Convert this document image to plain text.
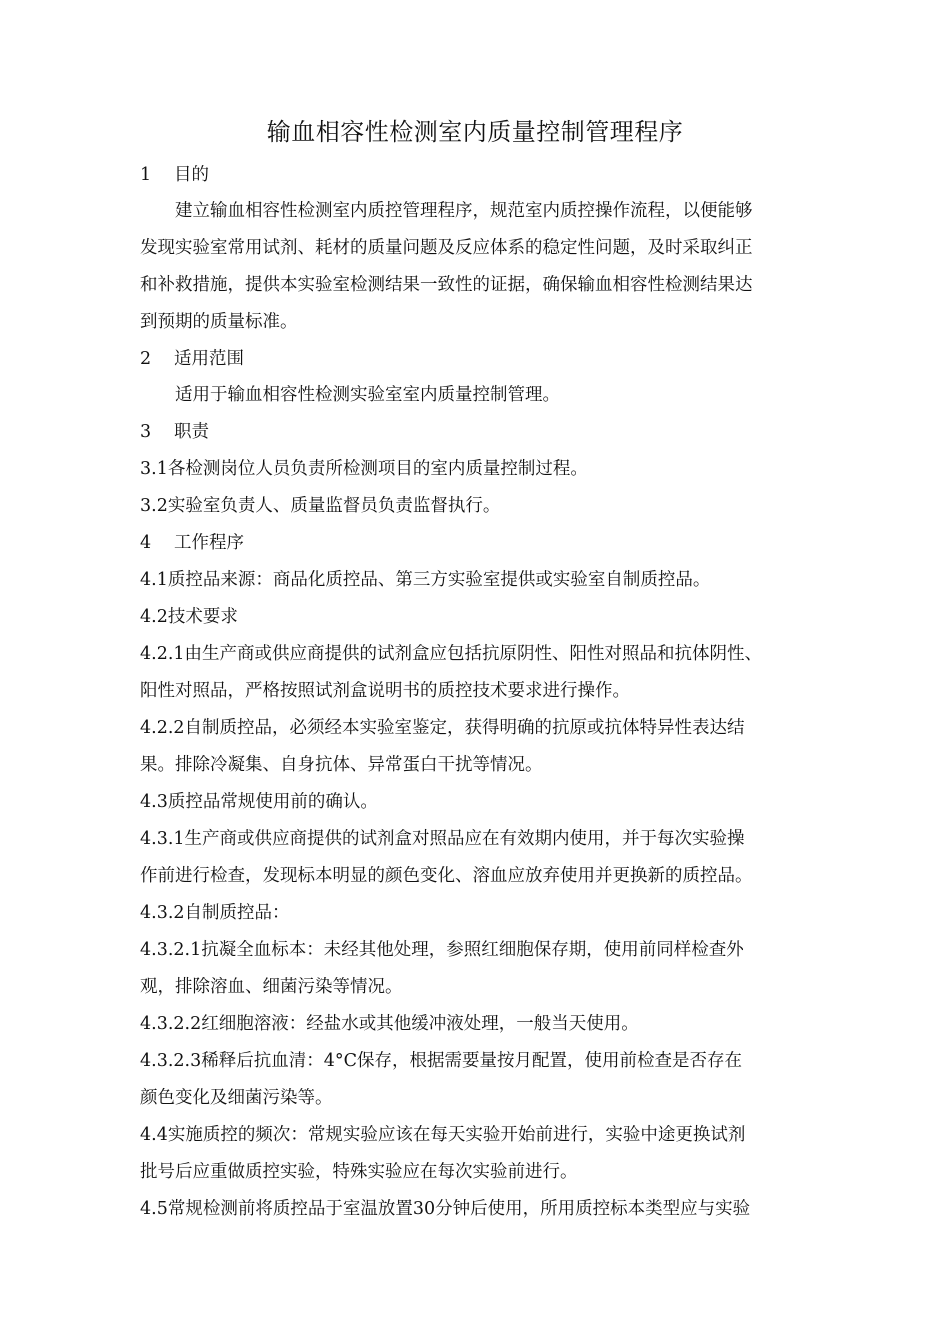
输血相容性检测室内质量控制管理程序
1 目的
建立输血相容性检测室内质控管理程序，规范室内质控操作流程，以便能够
发现实验室常用试剂、耗材的质量问题及反应体系的稳定性问题，及时采取纠正
和补救措施，提供本实验室检测结果一致性的证据，确保输血相容性检测结果达
到预期的质量标准。
2 适用范围
适用于输血相容性检测实验室室内质量控制管理。
3 职责
3.1各检测岗位人员负责所检测项目的室内质量控制过程。
3.2实验室负责人、质量监督员负责监督执行。
4 工作程序
4.1质控品来源：商品化质控品、第三方实验室提供或实验室自制质控品。
4.2技术要求
4.2.1由生产商或供应商提供的试剂盒应包括抗原阴性、阳性对照品和抗体阴性、
阳性对照品，严格按照试剂盒说明书的质控技术要求进行操作。
4.2.2自制质控品，必须经本实验室鉴定，获得明确的抗原或抗体特异性表达结
果。排除冷凝集、自身抗体、异常蛋白干扰等情况。
4.3质控品常规使用前的确认。
4.3.1生产商或供应商提供的试剂盒对照品应在有效期内使用，并于每次实验操
作前进行检查，发现标本明显的颜色变化、溶血应放弃使用并更换新的质控品。
4.3.2自制质控品：
4.3.2.1抗凝全血标本：未经其他处理，参照红细胞保存期，使用前同样检查外
观，排除溶血、细菌污染等情况。
4.3.2.2红细胞溶液：经盐水或其他缓冲液处理，一般当天使用。
4.3.2.3稀释后抗血清：4°C保存，根据需要量按月配置，使用前检查是否存在
颜色变化及细菌污染等。
4.4实施质控的频次：常规实验应该在每天实验开始前进行，实验中途更换试剂
批号后应重做质控实验，特殊实验应在每次实验前进行。
4.5常规检测前将质控品于室温放置30分钟后使用，所用质控标本类型应与实验
